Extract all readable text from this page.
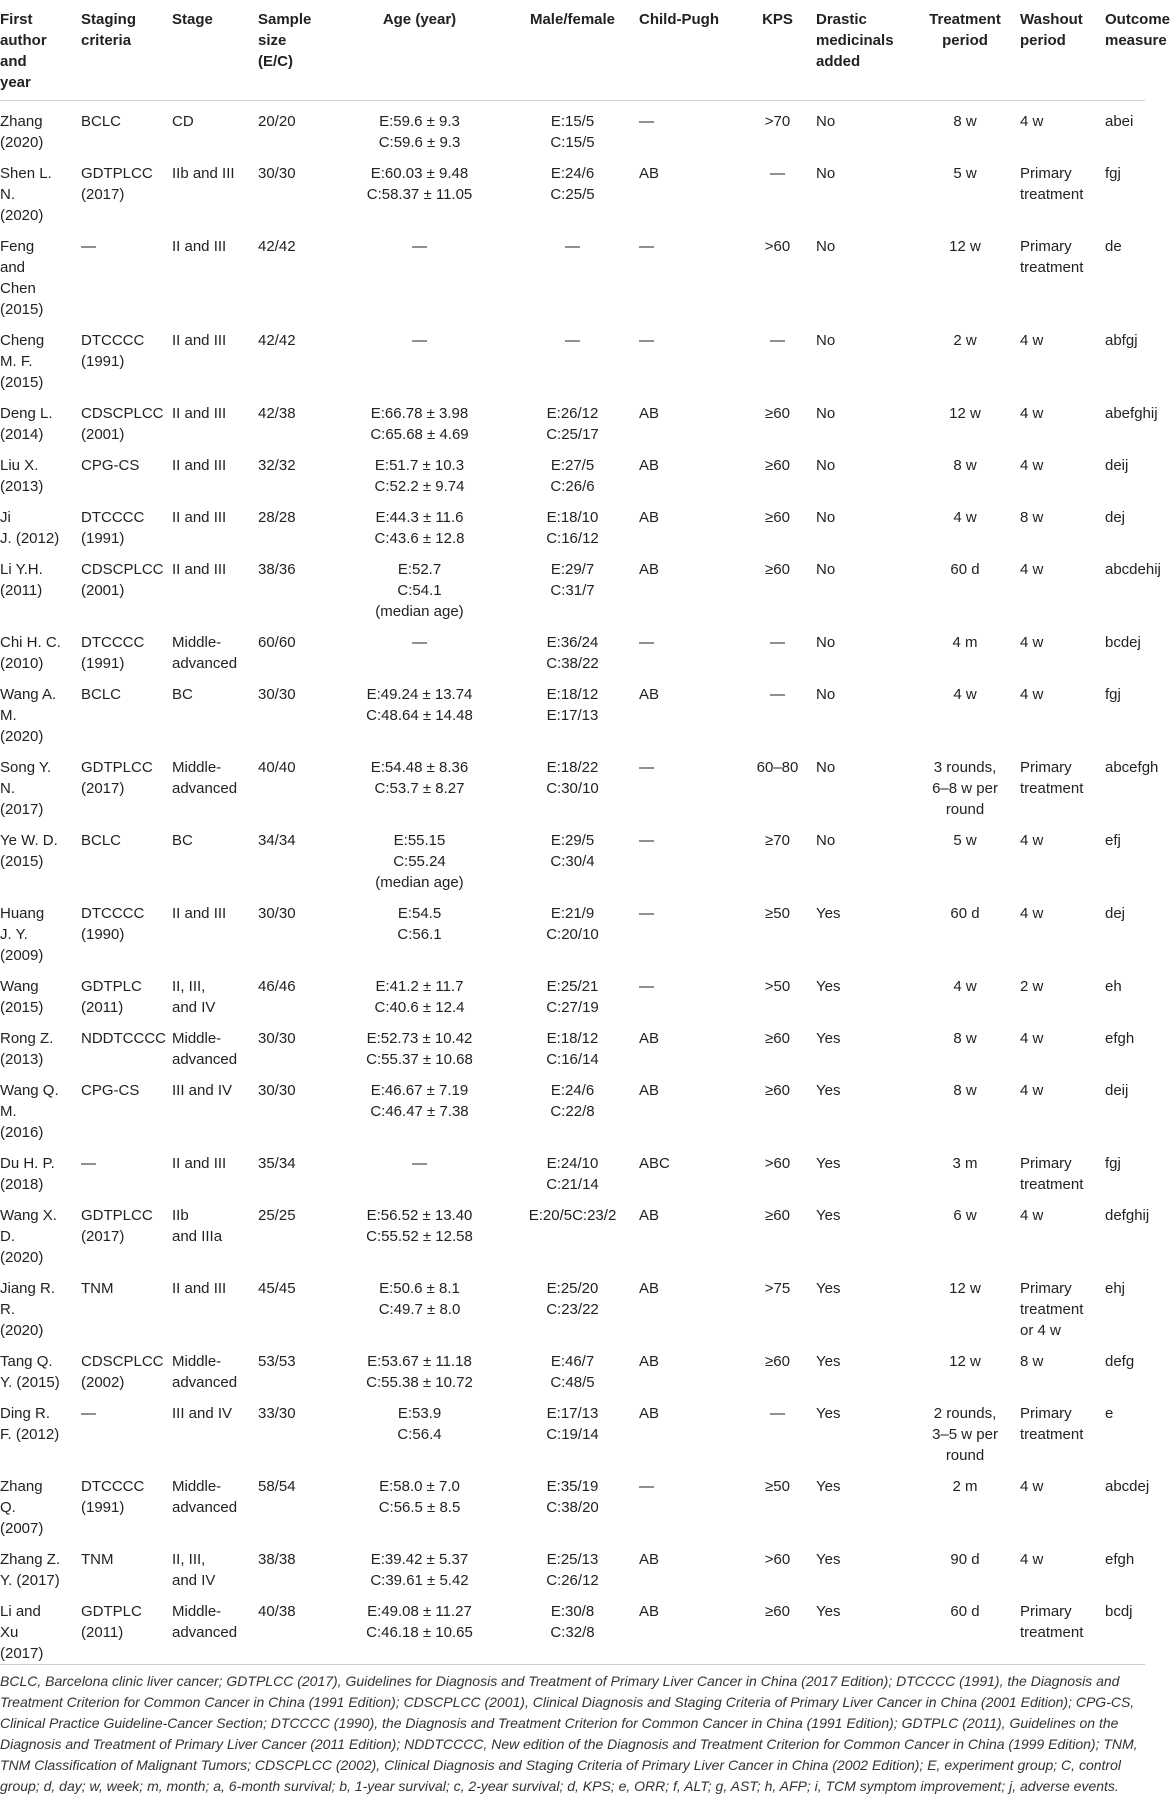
First
author
and
year	Staging
criteria	Stage	Sample
size
(E/C)	Age (year)	Male/female	Child-Pugh	KPS	Drastic
medicinals
added	Treatment
period	Washout
period	Outcome
measure

Zhang
(2020)	BCLC	CD	20/20	E:59.6 ± 9.3
C:59.6 ± 9.3	E:15/5
C:15/5	—	>70	No	8 w	4 w	abei

Shen L.
N.
(2020)	GDTPLCC
(2017)	IIb and III	30/30	E:60.03 ± 9.48
C:58.37 ± 11.05	E:24/6
C:25/5	AB	—	No	5 w	Primary
treatment	fgj

Feng
and
Chen
(2015)	—	II and III	42/42	—	—	—	>60	No	12 w	Primary
treatment	de

Cheng
M. F.
(2015)	DTCCCC
(1991)	II and III	42/42	—	—	—	—	No	2 w	4 w	abfgj

Deng L.
(2014)	CDSCPLCC
(2001)	II and III	42/38	E:66.78 ± 3.98
C:65.68 ± 4.69	E:26/12
C:25/17	AB	≥60	No	12 w	4 w	abefghij

Liu X.
(2013)	CPG-CS	II and III	32/32	E:51.7 ± 10.3
C:52.2 ± 9.74	E:27/5
C:26/6	AB	≥60	No	8 w	4 w	deij

Ji
J. (2012)	DTCCCC
(1991)	II and III	28/28	E:44.3 ± 11.6
C:43.6 ± 12.8	E:18/10
C:16/12	AB	≥60	No	4 w	8 w	dej

Li Y.H.
(2011)	CDSCPLCC
(2001)	II and III	38/36	E:52.7
C:54.1
(median age)	E:29/7
C:31/7	AB	≥60	No	60 d	4 w	abcdehij

Chi H. C.
(2010)	DTCCCC
(1991)	Middle-
advanced	60/60	—	E:36/24
C:38/22	—	—	No	4 m	4 w	bcdej

Wang A.
M.
(2020)	BCLC	BC	30/30	E:49.24 ± 13.74
C:48.64 ± 14.48	E:18/12
E:17/13	AB	—	No	4 w	4 w	fgj

Song Y.
N.
(2017)	GDTPLCC
(2017)	Middle-
advanced	40/40	E:54.48 ± 8.36
C:53.7 ± 8.27	E:18/22
C:30/10	—	60–80	No	3 rounds,
6–8 w per
round	Primary
treatment	abcefgh

Ye W. D.
(2015)	BCLC	BC	34/34	E:55.15
C:55.24
(median age)	E:29/5
C:30/4	—	≥70	No	5 w	4 w	efj

Huang
J. Y.
(2009)	DTCCCC
(1990)	II and III	30/30	E:54.5
C:56.1	E:21/9
C:20/10	—	≥50	Yes	60 d	4 w	dej

Wang
(2015)	GDTPLC
(2011)	II, III,
and IV	46/46	E:41.2 ± 11.7
C:40.6 ± 12.4	E:25/21
C:27/19	—	>50	Yes	4 w	2 w	eh

Rong Z.
(2013)	NDDTCCCC	Middle-
advanced	30/30	E:52.73 ± 10.42
C:55.37 ± 10.68	E:18/12
C:16/14	AB	≥60	Yes	8 w	4 w	efgh

Wang Q.
M.
(2016)	CPG-CS	III and IV	30/30	E:46.67 ± 7.19
C:46.47 ± 7.38	E:24/6
C:22/8	AB	≥60	Yes	8 w	4 w	deij

Du H. P.
(2018)	—	II and III	35/34	—	E:24/10
C:21/14	ABC	>60	Yes	3 m	Primary
treatment	fgj

Wang X.
D.
(2020)	GDTPLCC
(2017)	IIb
and IIIa	25/25	E:56.52 ± 13.40
C:55.52 ± 12.58	E:20/5C:23/2	AB	≥60	Yes	6 w	4 w	defghij

Jiang R.
R.
(2020)	TNM	II and III	45/45	E:50.6 ± 8.1
C:49.7 ± 8.0	E:25/20
C:23/22	AB	>75	Yes	12 w	Primary
treatment
or 4 w	ehj

Tang Q.
Y. (2015)	CDSCPLCC
(2002)	Middle-
advanced	53/53	E:53.67 ± 11.18
C:55.38 ± 10.72	E:46/7
C:48/5	AB	≥60	Yes	12 w	8 w	defg

Ding R.
F. (2012)	—	III and IV	33/30	E:53.9
C:56.4	E:17/13
C:19/14	AB	—	Yes	2 rounds,
3–5 w per
round	Primary
treatment	e

Zhang
Q.
(2007)	DTCCCC
(1991)	Middle-
advanced	58/54	E:58.0 ± 7.0
C:56.5 ± 8.5	E:35/19
C:38/20	—	≥50	Yes	2 m	4 w	abcdej

Zhang Z.
Y. (2017)	TNM	II, III,
and IV	38/38	E:39.42 ± 5.37
C:39.61 ± 5.42	E:25/13
C:26/12	AB	>60	Yes	90 d	4 w	efgh

Li and
Xu
(2017)	GDTPLC
(2011)	Middle-
advanced	40/38	E:49.08 ± 11.27
C:46.18 ± 10.65	E:30/8
C:32/8	AB	≥60	Yes	60 d	Primary
treatment	bcdj

BCLC, Barcelona clinic liver cancer; GDTPLCC (2017), Guidelines for Diagnosis and Treatment of Primary Liver Cancer in China (2017 Edition); DTCCCC (1991), the Diagnosis and Treatment Criterion for Common Cancer in China (1991 Edition); CDSCPLCC (2001), Clinical Diagnosis and Staging Criteria of Primary Liver Cancer in China (2001 Edition); CPG-CS, Clinical Practice Guideline-Cancer Section; DTCCCC (1990), the Diagnosis and Treatment Criterion for Common Cancer in China (1991 Edition); GDTPLC (2011), Guidelines on the Diagnosis and Treatment of Primary Liver Cancer (2011 Edition); NDDTCCCC, New edition of the Diagnosis and Treatment Criterion for Common Cancer in China (1999 Edition); TNM, TNM Classification of Malignant Tumors; CDSCPLCC (2002), Clinical Diagnosis and Staging Criteria of Primary Liver Cancer in China (2002 Edition); E, experiment group; C, control group; d, day; w, week; m, month; a, 6-month survival; b, 1-year survival; c, 2-year survival; d, KPS; e, ORR; f, ALT; g, AST; h, AFP; i, TCM symptom improvement; j, adverse events.
